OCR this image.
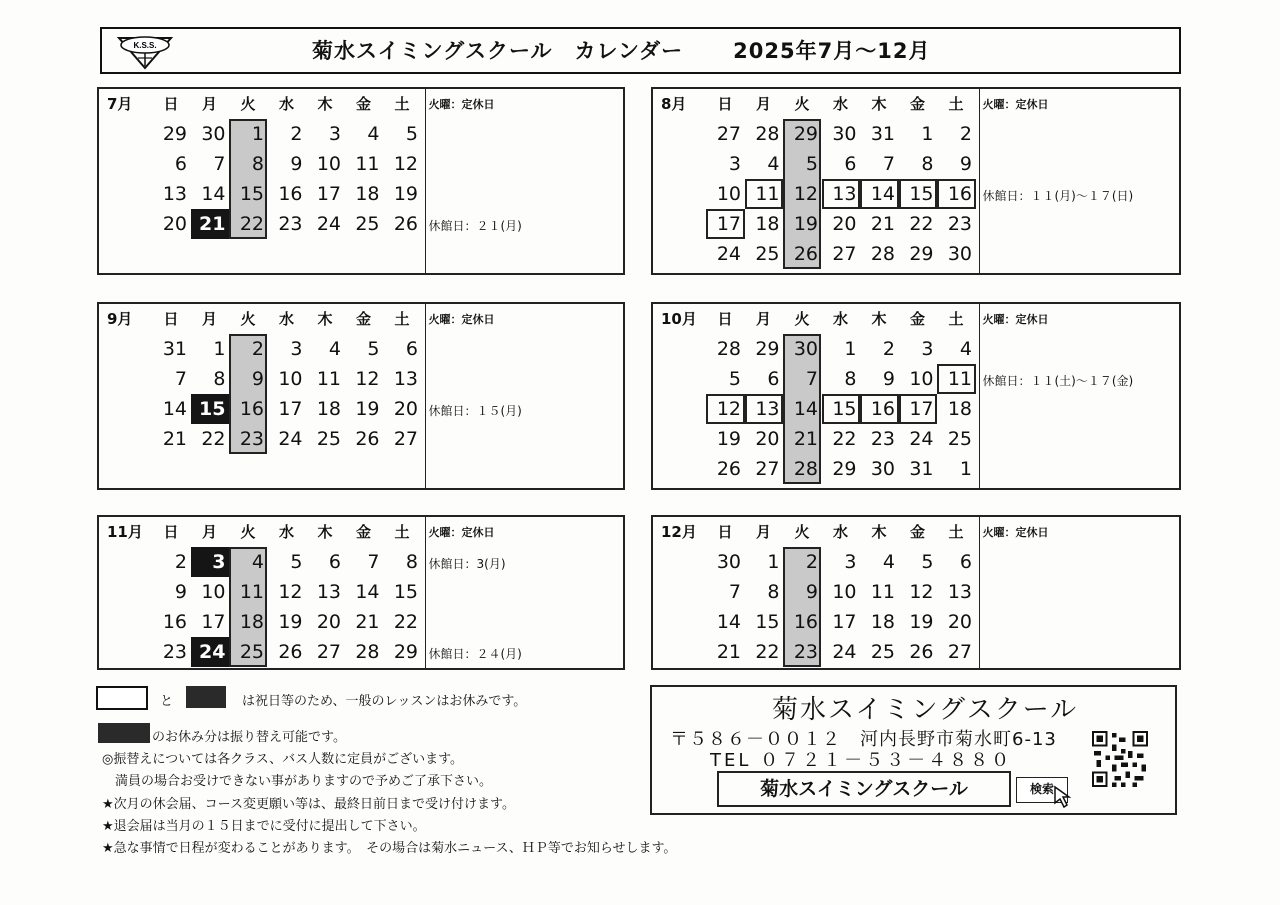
K.S.S.	菊水スイミングスクール　カレンダー 2025年7月～12月
7月	日	月	火	水	木	金	土	火曜：定休日
29 30	1	2	3	4	5
6	7	8	9 10 11 12
13 14 15 16 17 18 19
20 21 22 23 24 25 26 休館日：２１(月)
8月	日	月	火	水	木	金	土	火曜：定休日
27 28 29 30 31	1	2
3	4	5	6	7	8	9
10 11 12 13 14 15 16
17 18 19 20 21 22 23
24 25 26 27 28 29 30
休館日：１１(月)～１７(日)
9月	日	月	火	水	木	金	土	火曜：定休日
31	1	2	3	4	5	6
7	8	9 10 11 12 13
14 15 16 17 18 19 20
21 22 23 24 25 26 27
休館日：１５(月)
10月	日	月	火	水	木	金	土	火曜：定休日
28 29 30	1	2	3	4
5	6	7	8	9 10 11
12 13 14 15 16 17 18
19 20 21 22 23 24 25
26 27 28 29 30 31	1
休館日：１１(土)～１７(金)
11月	日	月	火	水	木	金	土	火曜：定休日
2	3	4	5	6	7	8
9 10 11 12 13 14 15
16 17 18 19 20 21 22
23 24 25 26 27 28 29
休館日：3(月)
休館日：２４(月)
12月	日	月	火	水	木	金	土	火曜：定休日
30	1	2	3	4	5	6
7	8	9 10 11 12 13
14 15 16 17 18 19 20
21 22 23 24 25 26 27
と	は祝日等のため、一般のレッスンはお休みです。
のお休み分は振り替え可能です。
◎振替えについては各クラス、バス人数に定員がございます。
　満員の場合お受けできない事がありますので予めご了承下さい。
★次月の休会届、コース変更願い等は、最終日前日まで受け付けます。
★退会届は当月の１５日までに受付に提出して下さい。
★急な事情で日程が変わることがあります。　その場合は菊水ニュース、ＨＰ等でお知らせします。
菊水スイミングスクール
〒５８６－００１２　河内長野市菊水町6-13
TEL ０７２１－５３－４８８０
菊水スイミングスクール	検索
